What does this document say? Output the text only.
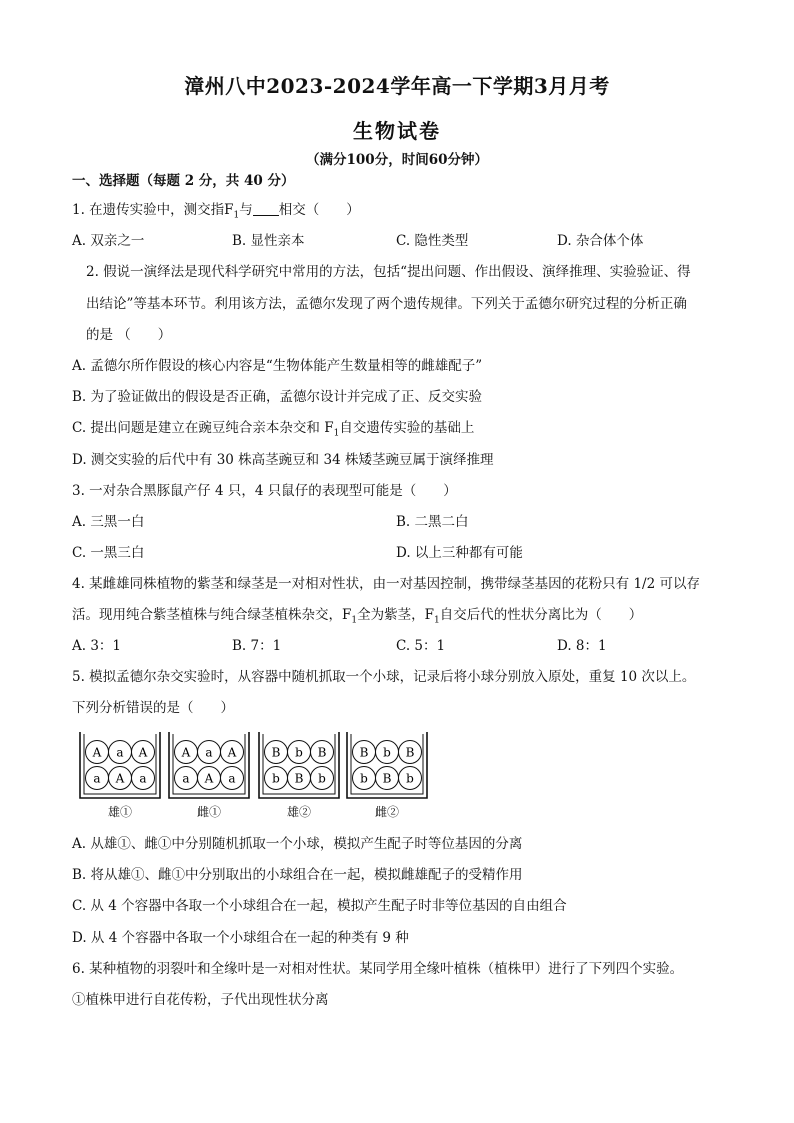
漳州八中2023-2024学年高一下学期3月月考
生物试卷
（满分100分，时间60分钟）
一、选择题（每题 2 分，共 40 分）
1. 在遗传实验中，测交指$F_1$与 相交（　　）
A. 双亲之一	B. 显性亲本	C. 隐性类型	D. 杂合体个体
2. 假说一演绎法是现代科学研究中常用的方法，包括“提出问题、作出假设、演绎推理、实验验证、得
出结论”等基本环节。利用该方法，孟德尔发现了两个遗传规律。下列关于孟德尔研究过程的分析正确
的是 （　　）
A. 孟德尔所作假设的核心内容是“生物体能产生数量相等的雌雄配子”
B. 为了验证做出的假设是否正确，孟德尔设计并完成了正、反交实验
C. 提出问题是建立在豌豆纯合亲本杂交和 $F_1$自交遗传实验的基础上
D. 测交实验的后代中有 30 株高茎豌豆和 34 株矮茎豌豆属于演绎推理
3. 一对杂合黑豚鼠产仔 4 只，4 只鼠仔的表现型可能是（　　）
A. 三黑一白	B. 二黑二白
C. 一黑三白	D. 以上三种都有可能
4. 某雌雄同株植物的紫茎和绿茎是一对相对性状，由一对基因控制，携带绿茎基因的花粉只有 1/2 可以存
活。现用纯合紫茎植株与纯合绿茎植株杂交，$F_1$全为紫茎，$F_1$自交后代的性状分离比为（　　）
A. 3：1	B. 7：1	C. 5：1	D. 8：1
5. 模拟孟德尔杂交实验时，从容器中随机抓取一个小球，记录后将小球分别放入原处，重复 10 次以上。
下列分析错误的是（　　）
A a A
a A a
雄①
A a A
a A a
雌①
B b B
b B b
雄②
B b B
b B b
雌②
A. 从雄①、雌①中分别随机抓取一个小球，模拟产生配子时等位基因的分离
B. 将从雄①、雌①中分别取出的小球组合在一起，模拟雌雄配子的受精作用
C. 从 4 个容器中各取一个小球组合在一起，模拟产生配子时非等位基因的自由组合
D. 从 4 个容器中各取一个小球组合在一起的种类有 9 种
6. 某种植物的羽裂叶和全缘叶是一对相对性状。某同学用全缘叶植株（植株甲）进行了下列四个实验。
①植株甲进行自花传粉，子代出现性状分离
